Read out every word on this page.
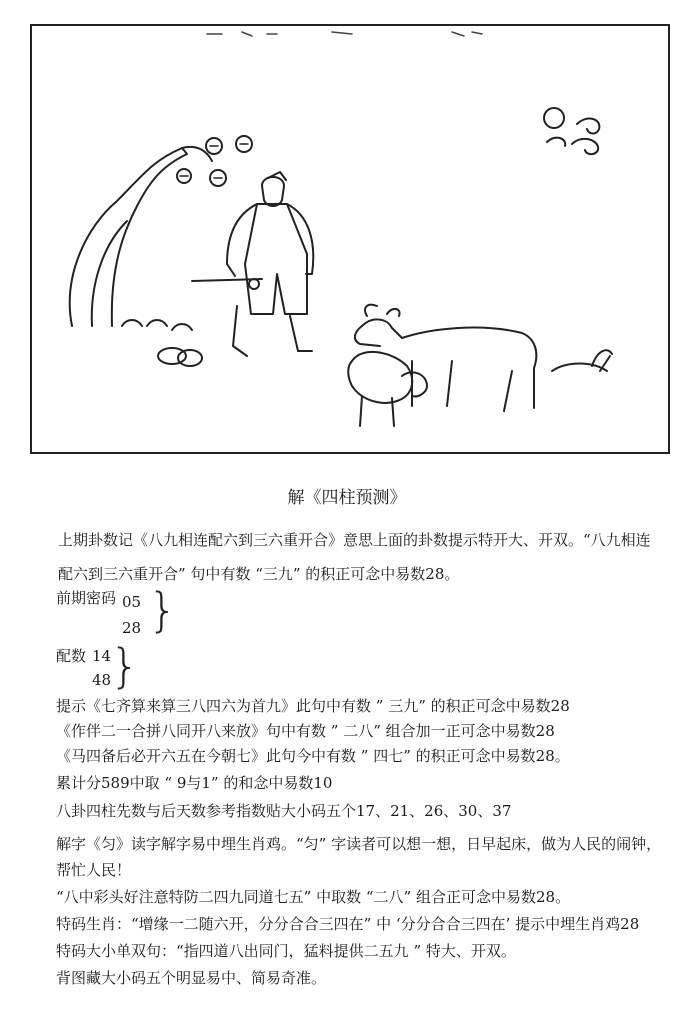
解《四柱预测》
上期卦数记《八九相连配六到三六重开合》意思上面的卦数提示特开大、开双。“八九相连
配六到三六重开合” 句中有数 “三九” 的积正可念中易数28。
前期密码 05
28 }
配数 14
48
}
提示《七齐算来算三八四六为首九》此句中有数 ” 三九” 的积正可念中易数28
《作伴二一合拼八同开八来放》句中有数 ” 二八” 组合加一正可念中易数28
《马四备后必开六五在今朝七》此句今中有数 ” 四七” 的积正可念中易数28。
累计分589中取 “ 9与1” 的和念中易数10
八卦四柱先数与后天数参考指数贴大小码五个17、21、26、30、37
解字《匀》读字解字易中埋生肖鸡。“匀” 字读者可以想一想，日早起床，做为人民的闹钟，
帮忙人民！
“八中彩头好注意特防二四九同道七五” 中取数 “二八” 组合正可念中易数28。
特码生肖：“增缘一二随六开，分分合合三四在” 中 ‘分分合合三四在’ 提示中埋生肖鸡28
特码大小单双句：“指四道八出同门，猛料提供二五九 ” 特大、开双。
背图藏大小码五个明显易中、简易奇准。
